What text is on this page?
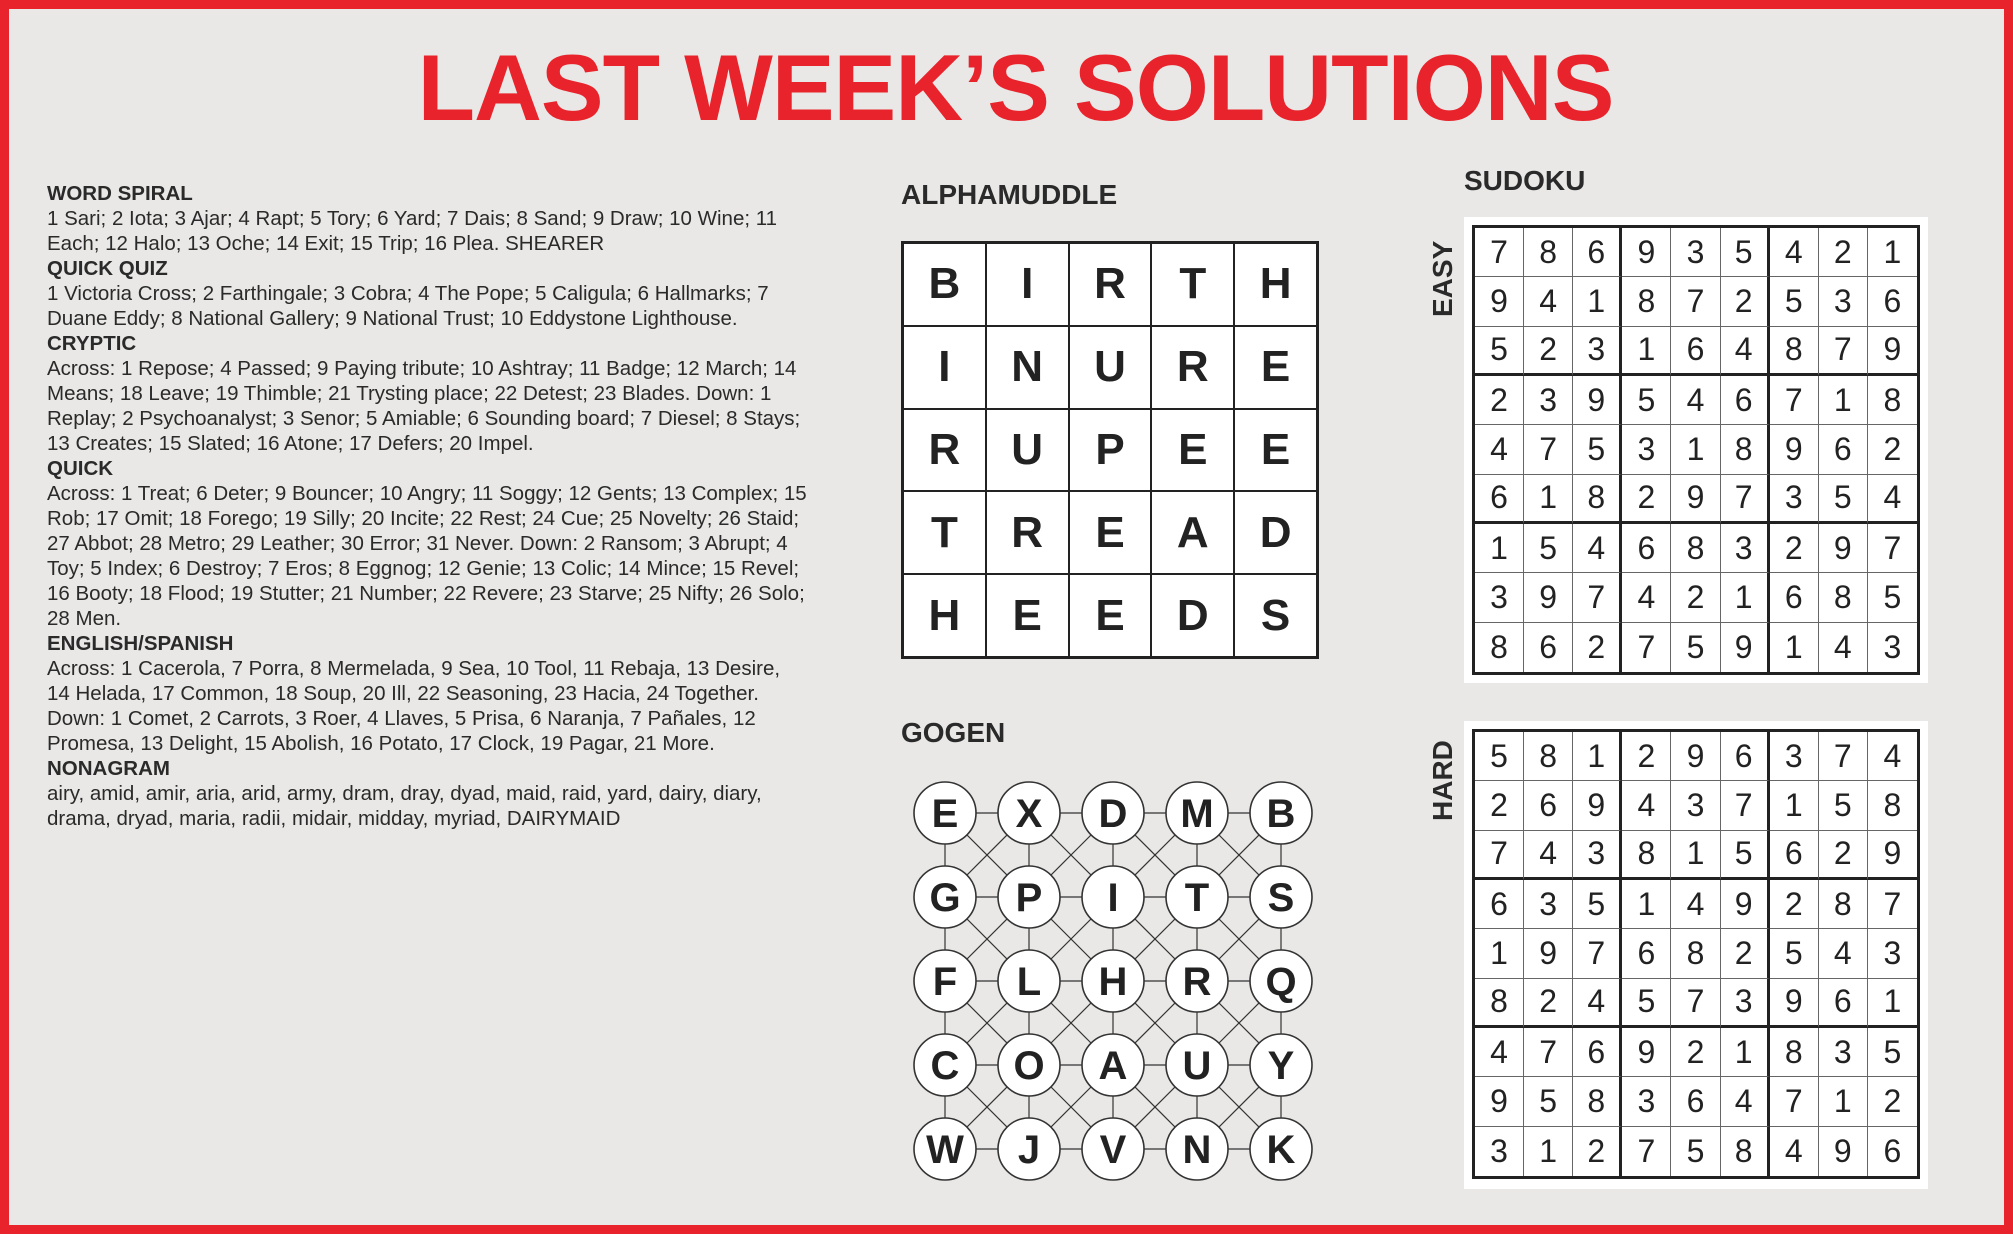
LAST WEEK’S SOLUTIONS
WORD SPIRAL
1 Sari; 2 Iota; 3 Ajar; 4 Rapt; 5 Tory; 6 Yard; 7 Dais; 8 Sand; 9 Draw; 10 Wine; 11 Each; 12 Halo; 13 Oche; 14 Exit; 15 Trip; 16 Plea. SHEARER
QUICK QUIZ
1 Victoria Cross; 2 Farthingale; 3 Cobra; 4 The Pope; 5 Caligula; 6 Hallmarks; 7 Duane Eddy; 8 National Gallery; 9 National Trust; 10 Eddystone Lighthouse.
CRYPTIC
Across: 1 Repose; 4 Passed; 9 Paying tribute; 10 Ashtray; 11 Badge; 12 March; 14 Means; 18 Leave; 19 Thimble; 21 Trysting place; 22 Detest; 23 Blades. Down: 1 Replay; 2 Psychoanalyst; 3 Senor; 5 Amiable; 6 Sounding board; 7 Diesel; 8 Stays; 13 Creates; 15 Slated; 16 Atone; 17 Defers; 20 Impel.
QUICK
Across: 1 Treat; 6 Deter; 9 Bouncer; 10 Angry; 11 Soggy; 12 Gents; 13 Complex; 15 Rob; 17 Omit; 18 Forego; 19 Silly; 20 Incite; 22 Rest; 24 Cue; 25 Novelty; 26 Staid; 27 Abbot; 28 Metro; 29 Leather; 30 Error; 31 Never. Down: 2 Ransom; 3 Abrupt; 4 Toy; 5 Index; 6 Destroy; 7 Eros; 8 Eggnog; 12 Genie; 13 Colic; 14 Mince; 15 Revel; 16 Booty; 18 Flood; 19 Stutter; 21 Number; 22 Revere; 23 Starve; 25 Nifty; 26 Solo; 28 Men.
ENGLISH/SPANISH
Across: 1 Cacerola, 7 Porra, 8 Mermelada, 9 Sea, 10 Tool, 11 Rebaja, 13 Desire, 14 Helada, 17 Common, 18 Soup, 20 Ill, 22 Seasoning, 23 Hacia, 24 Together. Down: 1 Comet, 2 Carrots, 3 Roer, 4 Llaves, 5 Prisa, 6 Naranja, 7 Pañales, 12 Promesa, 13 Delight, 15 Abolish, 16 Potato, 17 Clock, 19 Pagar, 21 More.
NONAGRAM
airy, amid, amir, aria, arid, army, dram, dray, dyad, maid, raid, yard, dairy, diary, drama, dryad, maria, radii, midair, midday, myriad, DAIRYMAID
ALPHAMUDDLE
B	I	R	T	H
I	N	U	R	E
R	U	P	E	E
T	R	E	A	D
H	E	E	D	S
GOGEN
E X D M B
G P I T S
F L H R Q
C O A U Y
W J V N K
SUDOKU
EASY	7 8 6	9 3 5	4 2 1
9 4 1	8 7 2	5 3 6
5 2 3	1 6 4	8 7 9
2 3 9	5 4 6	7 1 8
4 7 5	3 1 8	9 6 2
6 1 8	2 9 7	3 5 4
1 5 4	6 8 3	2 9 7
3 9 7	4 2 1	6 8 5
8 6 2	7 5 9	1 4 3
HARD	5 8 1	2 9 6	3 7 4
2 6 9	4 3 7	1 5 8
7 4 3	8 1 5	6 2 9
6 3 5	1 4 9	2 8 7
1 9 7	6 8 2	5 4 3
8 2 4	5 7 3	9 6 1
4 7 6	9 2 1	8 3 5
9 5 8	3 6 4	7 1 2
3 1 2	7 5 8	4 9 6
